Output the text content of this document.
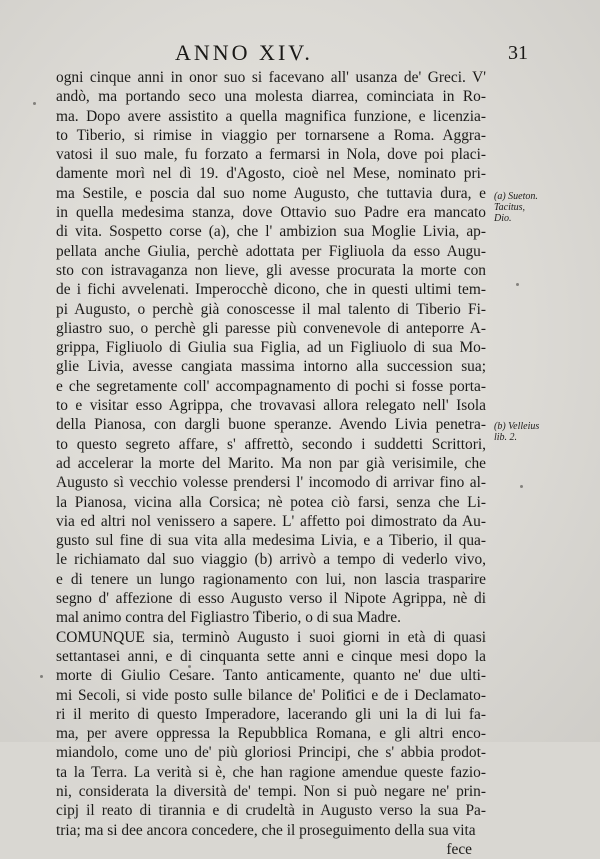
ANNO XIV.	31
ogni cinque anni in onor suo si facevano all' usanza de' Greci. V'
andò, ma portando seco una molesta diarrea, cominciata in Ro-
ma. Dopo avere assistito a quella magnifica funzione, e licenzia-
to Tiberio, si rimise in viaggio per tornarsene a Roma. Aggra-
vatosi il suo male, fu forzato a fermarsi in Nola, dove poi placi-
damente morì nel dì 19. d'Agosto, cioè nel Mese, nominato pri-
ma Sestile, e poscia dal suo nome Augusto, che tuttavia dura, e
in quella medesima stanza, dove Ottavio suo Padre era mancato
di vita. Sospetto corse (a), che l' ambizion sua Moglie Livia, ap-
pellata anche Giulia, perchè adottata per Figliuola da esso Augu-
sto con istravaganza non lieve, gli avesse procurata la morte con
de i fichi avvelenati. Imperocchè dicono, che in questi ultimi tem-
pi Augusto, o perchè già conoscesse il mal talento di Tiberio Fi-
gliastro suo, o perchè gli paresse più convenevole di anteporre A-
grippa, Figliuolo di Giulia sua Figlia, ad un Figliuolo di sua Mo-
glie Livia, avesse cangiata massima intorno alla succession sua;
e che segretamente coll' accompagnamento di pochi si fosse porta-
to e visitar esso Agrippa, che trovavasi allora relegato nell' Isola
della Pianosa, con dargli buone speranze. Avendo Livia penetra-
to questo segreto affare, s' affrettò, secondo i suddetti Scrittori,
ad accelerar la morte del Marito. Ma non par già verisimile, che
Augusto sì vecchio volesse prendersi l' incomodo di arrivar fino al-
la Pianosa, vicina alla Corsica; nè potea ciò farsi, senza che Li-
via ed altri nol venissero a sapere. L' affetto poi dimostrato da Au-
gusto sul fine di sua vita alla medesima Livia, e a Tiberio, il qua-
le richiamato dal suo viaggio (b) arrivò a tempo di vederlo vivo,
e di tenere un lungo ragionamento con lui, non lascia trasparire
segno d' affezione di esso Augusto verso il Nipote Agrippa, nè di
mal animo contra del Figliastro Tiberio, o di sua Madre.
COMUNQUE sia, terminò Augusto i suoi giorni in età di quasi
settantasei anni, e di cinquanta sette anni e cinque mesi dopo la
morte di Giulio Cesare. Tanto anticamente, quanto ne' due ulti-
mi Secoli, si vide posto sulle bilance de' Politici e de i Declamato-
ri il merito di questo Imperadore, lacerando gli uni la di lui fa-
ma, per avere oppressa la Repubblica Romana, e gli altri enco-
miandolo, come uno de' più gloriosi Principi, che s' abbia prodot-
ta la Terra. La verità si è, che han ragione amendue queste fazio-
ni, considerata la diversità de' tempi. Non si può negare ne' prin-
cipj il reato di tirannia e di crudeltà in Augusto verso la sua Pa-
tria; ma si dee ancora concedere, che il proseguimento della sua vita
fece
(a) Sueton.
Tacitus,
Dio.
(b) Velleius
lib. 2.
